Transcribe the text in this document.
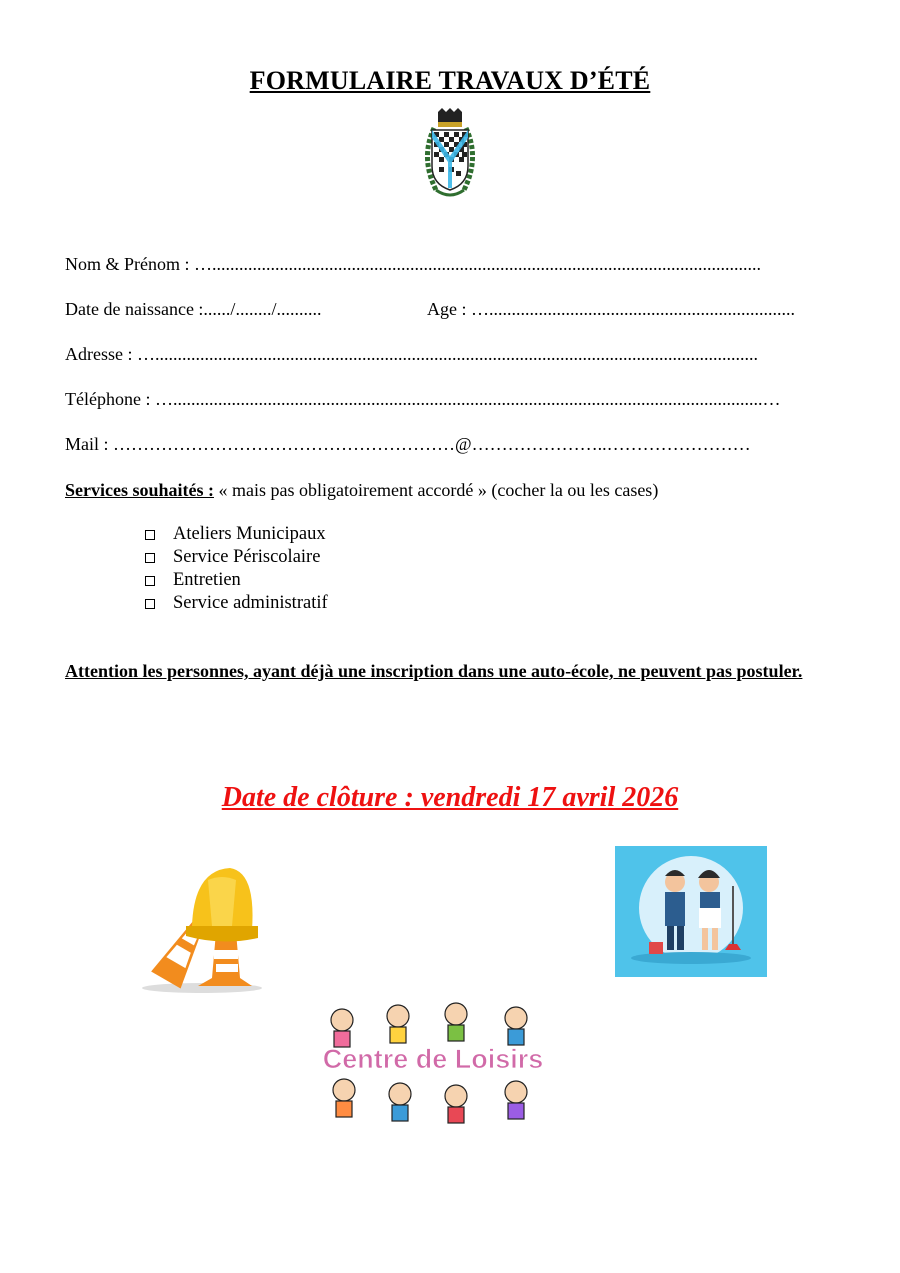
FORMULAIRE TRAVAUX D’ÉTÉ
Nom & Prénom : …..........................................................................................................................
Date de naissance :....../......../..........	Age : …....................................................................
Adresse : …......................................................................................................................................
Téléphone : …...................................................................................................................................…
Mail : …………………………………………………@…………………..……………………
Services souhaités : « mais pas obligatoirement accordé » (cocher la ou les cases)
Ateliers Municipaux
Service Périscolaire
Entretien
Service administratif
Attention les personnes, ayant déjà une inscription dans une auto-école, ne peuvent pas postuler.
Date de clôture : vendredi 17 avril 2026
Centre de Loisirs
